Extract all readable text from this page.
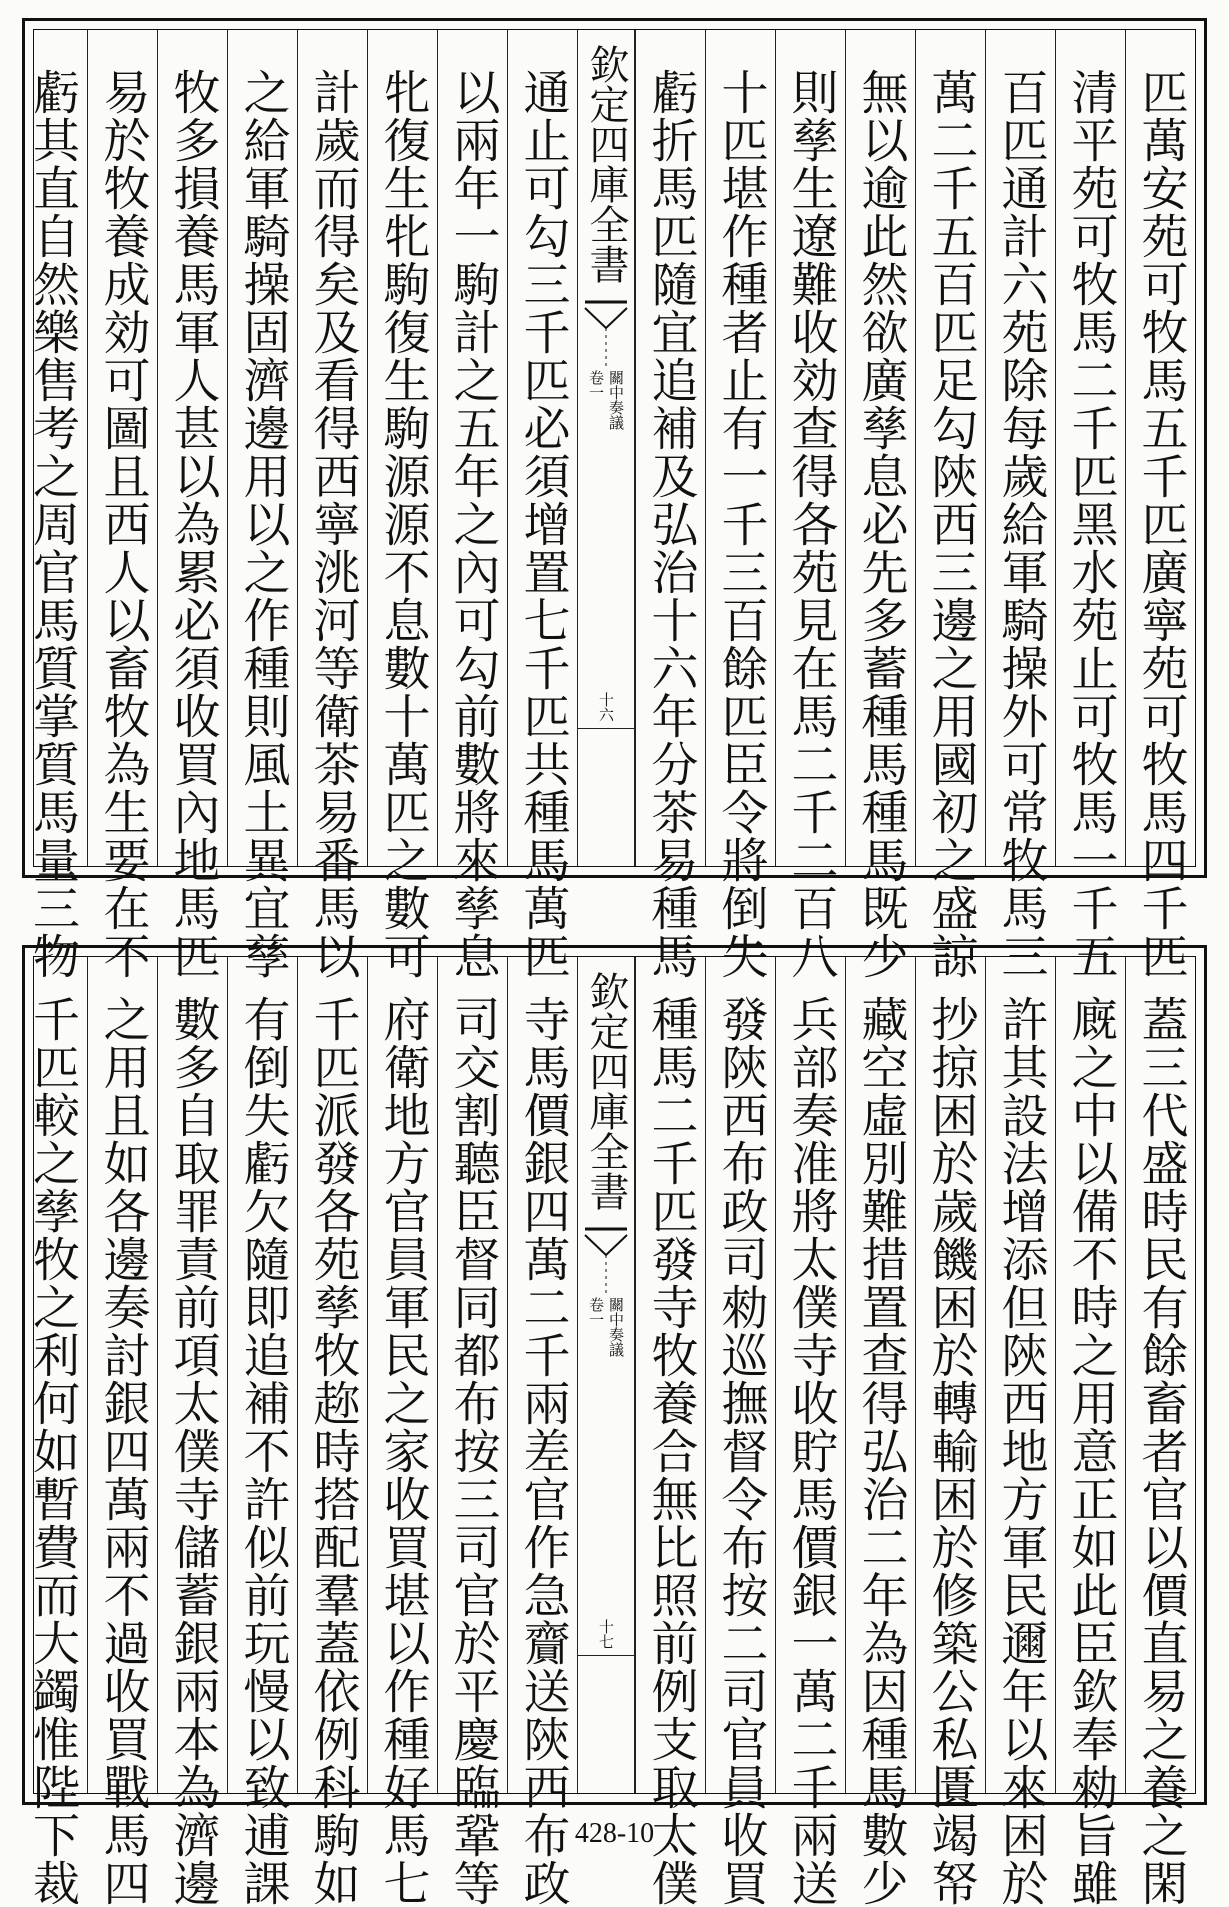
匹萬安苑可牧馬五千匹廣寧苑可牧馬四千匹
清平苑可牧馬二千匹黑水苑止可牧馬一千五
百匹通計六苑除每歲給軍騎操外可常牧馬三
萬二千五百匹足勾陝西三邊之用國初之盛諒
無以逾此然欲廣孳息必先多蓄種馬種馬既少
則孳生遼難收効查得各苑見在馬二千二百八
十匹堪作種者止有一千三百餘匹臣令將倒失
虧折馬匹隨宜追補及弘治十六年分茶易種馬
欽定四庫全書
關中奏議
卷一
十六
通止可勾三千匹必須增置七千匹共種馬萬匹
以兩年一駒計之五年之內可勾前數將來孳息
牝復生牝駒復生駒源源不息數十萬匹之數可
計歲而得矣及看得西寧洮河等衛茶易番馬以
之給軍騎操固濟邊用以之作種則風土異宜孳
牧多損養馬軍人甚以為累必須收買內地馬匹
易於牧養成効可圖且西人以畜牧為生要在不
虧其直自然樂售考之周官馬質掌質馬量三物
蓋三代盛時民有餘畜者官以價直易之養之閑
廐之中以備不時之用意正如此臣欽奉勑旨雖
許其設法增添但陝西地方軍民邇年以來困於
抄掠困於歲饑困於轉輸困於修築公私匱竭帑
藏空虛別難措置查得弘治二年為因種馬數少
兵部奏准將太僕寺收貯馬價銀一萬二千兩送
發陝西布政司勑巡撫督令布按二司官員收買
種馬二千匹發寺牧養合無比照前例支取太僕
欽定四庫全書
關中奏議
卷一
十七
寺馬價銀四萬二千兩差官作急齎送陝西布政
司交割聽臣督同都布按三司官於平慶臨鞏等
府衛地方官員軍民之家收買堪以作種好馬七
千匹派發各苑孳牧趂時搭配羣蓋依例科駒如
有倒失虧欠隨即追補不許似前玩慢以致逋課
數多自取罪責前項太僕寺儲蓄銀兩本為濟邊
之用且如各邊奏討銀四萬兩不過收買戰馬四
千匹較之孳牧之利何如暫費而大蠲惟陛下裁	428-10
